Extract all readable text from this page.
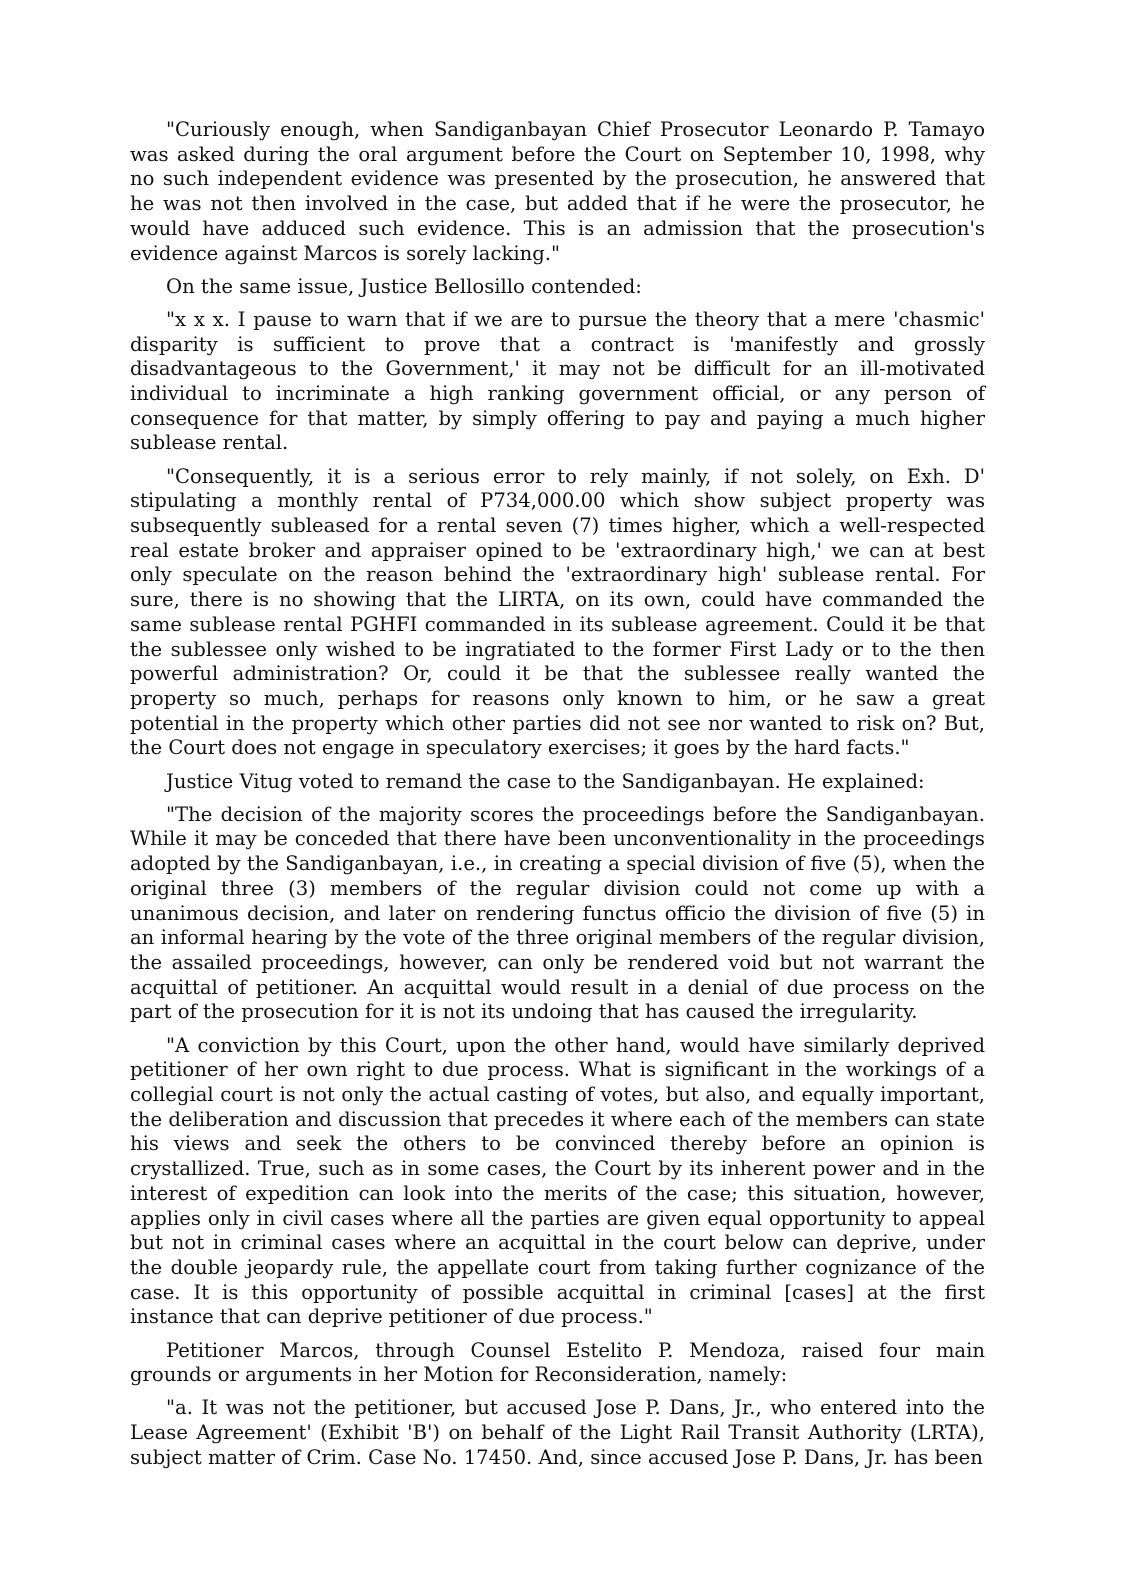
"Curiously enough, when Sandiganbayan Chief Prosecutor Leonardo P. Tamayo was asked during the oral argument before the Court on September 10, 1998, why no such independent evidence was presented by the prosecution, he answered that he was not then involved in the case, but added that if he were the prosecutor, he would have adduced such evidence. This is an admission that the prosecution's evidence against Marcos is sorely lacking."

On the same issue, Justice Bellosillo contended:

"x x x. I pause to warn that if we are to pursue the theory that a mere 'chasmic' disparity is sufficient to prove that a contract is 'manifestly and grossly disadvantageous to the Government,' it may not be difficult for an ill-motivated individual to incriminate a high ranking government official, or any person of consequence for that matter, by simply offering to pay and paying a much higher sublease rental.

"Consequently, it is a serious error to rely mainly, if not solely, on Exh. D' stipulating a monthly rental of P734,000.00 which show subject property was subsequently subleased for a rental seven (7) times higher, which a well-respected real estate broker and appraiser opined to be 'extraordinary high,' we can at best only speculate on the reason behind the 'extraordinary high' sublease rental. For sure, there is no showing that the LIRTA, on its own, could have commanded the same sublease rental PGHFI commanded in its sublease agreement. Could it be that the sublessee only wished to be ingratiated to the former First Lady or to the then powerful administration? Or, could it be that the sublessee really wanted the property so much, perhaps for reasons only known to him, or he saw a great potential in the property which other parties did not see nor wanted to risk on? But, the Court does not engage in speculatory exercises; it goes by the hard facts."

Justice Vitug voted to remand the case to the Sandiganbayan. He explained:

"The decision of the majority scores the proceedings before the Sandiganbayan. While it may be conceded that there have been unconventionality in the proceedings adopted by the Sandiganbayan, i.e., in creating a special division of five (5), when the original three (3) members of the regular division could not come up with a unanimous decision, and later on rendering functus officio the division of five (5) in an informal hearing by the vote of the three original members of the regular division, the assailed proceedings, however, can only be rendered void but not warrant the acquittal of petitioner. An acquittal would result in a denial of due process on the part of the prosecution for it is not its undoing that has caused the irregularity.

"A conviction by this Court, upon the other hand, would have similarly deprived petitioner of her own right to due process. What is significant in the workings of a collegial court is not only the actual casting of votes, but also, and equally important, the deliberation and discussion that precedes it where each of the members can state his views and seek the others to be convinced thereby before an opinion is crystallized. True, such as in some cases, the Court by its inherent power and in the interest of expedition can look into the merits of the case; this situation, however, applies only in civil cases where all the parties are given equal opportunity to appeal but not in criminal cases where an acquittal in the court below can deprive, under the double jeopardy rule, the appellate court from taking further cognizance of the case. It is this opportunity of possible acquittal in criminal [cases] at the first instance that can deprive petitioner of due process."

Petitioner Marcos, through Counsel Estelito P. Mendoza, raised four main grounds or arguments in her Motion for Reconsideration, namely:

"a. It was not the petitioner, but accused Jose P. Dans, Jr., who entered into the Lease Agreement' (Exhibit 'B') on behalf of the Light Rail Transit Authority (LRTA), subject matter of Crim. Case No. 17450. And, since accused Jose P. Dans, Jr. has been
